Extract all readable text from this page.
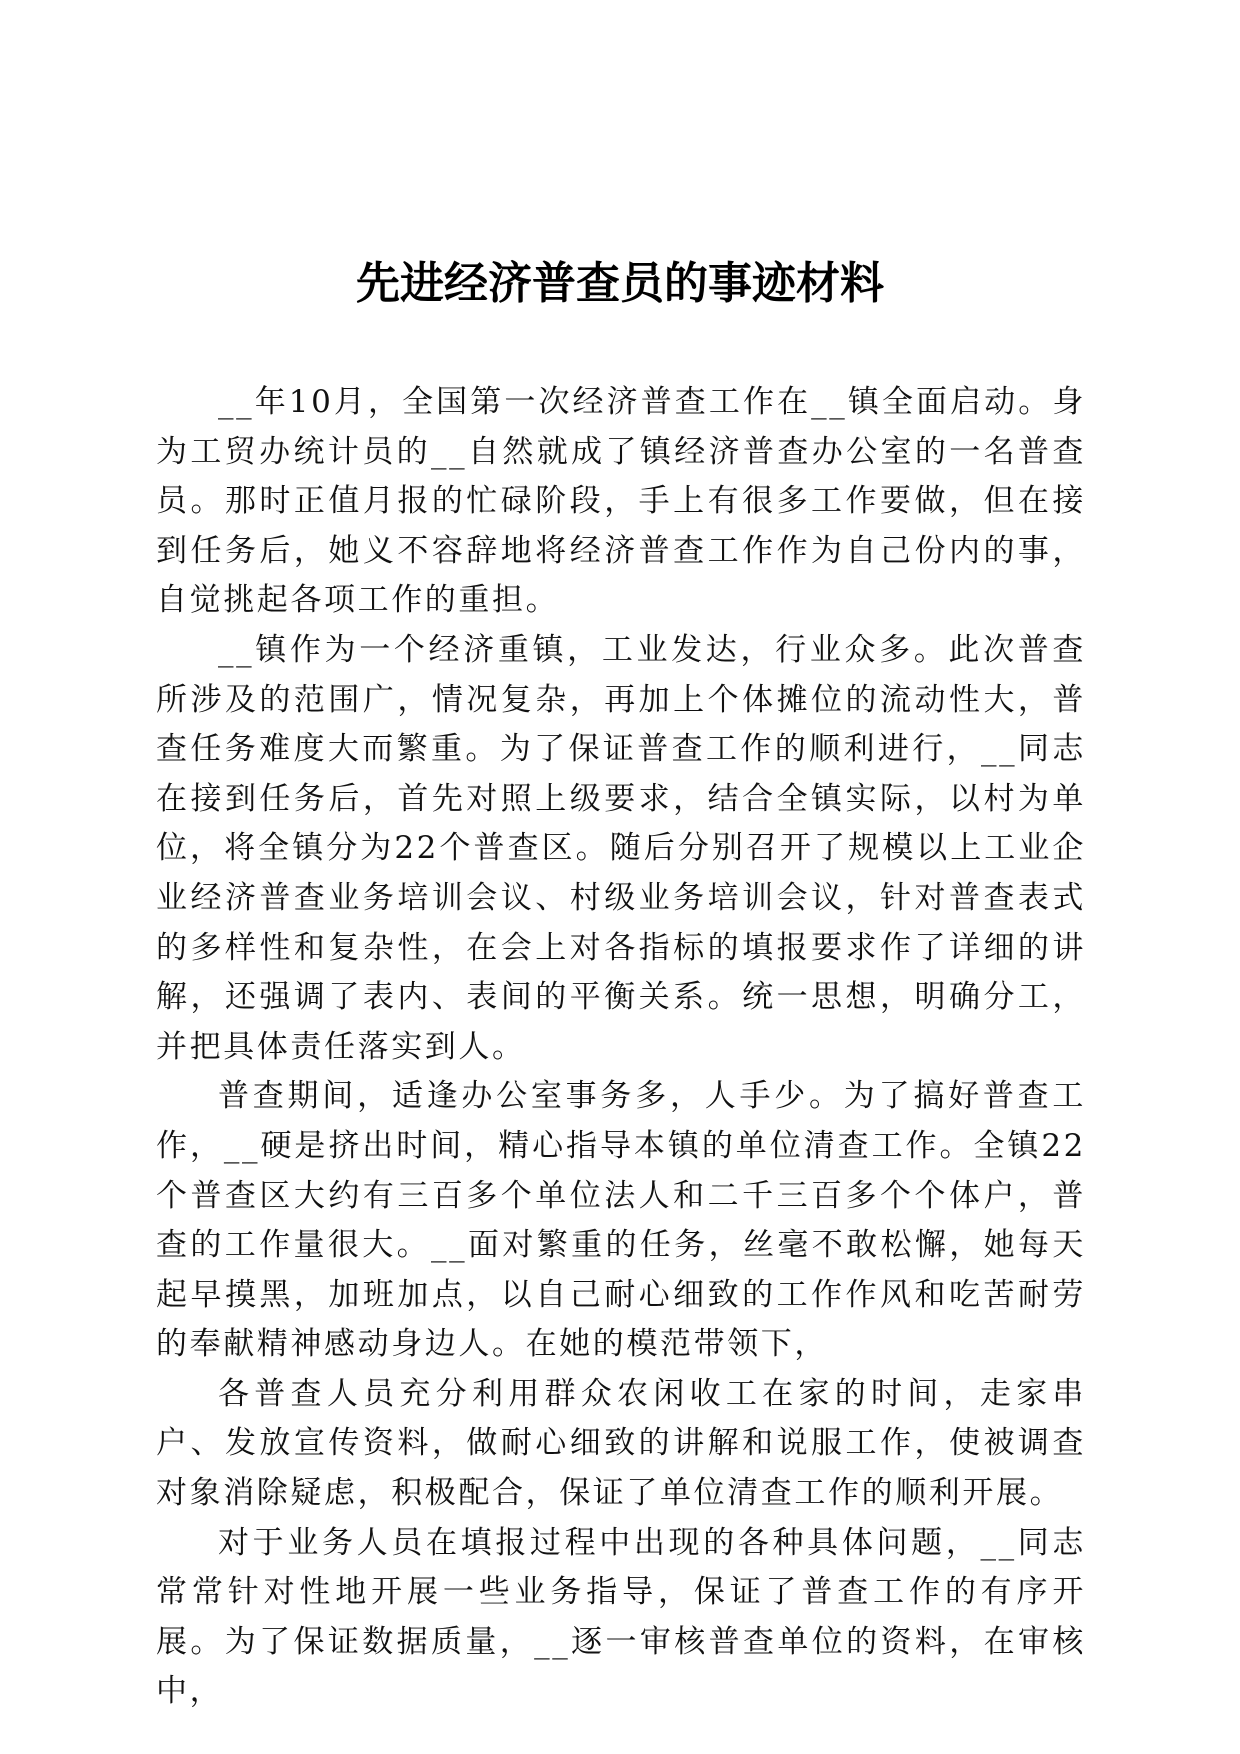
先进经济普查员的事迹材料

__年10月，全国第一次经济普查工作在__镇全面启动。身为工贸办统计员的__自然就成了镇经济普查办公室的一名普查员。那时正值月报的忙碌阶段，手上有很多工作要做，但在接到任务后，她义不容辞地将经济普查工作作为自己份内的事，自觉挑起各项工作的重担。

__镇作为一个经济重镇，工业发达，行业众多。此次普查所涉及的范围广，情况复杂，再加上个体摊位的流动性大，普查任务难度大而繁重。为了保证普查工作的顺利进行，__同志在接到任务后，首先对照上级要求，结合全镇实际，以村为单位，将全镇分为22个普查区。随后分别召开了规模以上工业企业经济普查业务培训会议、村级业务培训会议，针对普查表式的多样性和复杂性，在会上对各指标的填报要求作了详细的讲解，还强调了表内、表间的平衡关系。统一思想，明确分工，并把具体责任落实到人。

普查期间，适逢办公室事务多，人手少。为了搞好普查工作，__硬是挤出时间，精心指导本镇的单位清查工作。全镇22个普查区大约有三百多个单位法人和二千三百多个个体户，普查的工作量很大。__面对繁重的任务，丝毫不敢松懈，她每天起早摸黑，加班加点，以自己耐心细致的工作作风和吃苦耐劳的奉献精神感动身边人。在她的模范带领下，

各普查人员充分利用群众农闲收工在家的时间，走家串户、发放宣传资料，做耐心细致的讲解和说服工作，使被调查对象消除疑虑，积极配合，保证了单位清查工作的顺利开展。

对于业务人员在填报过程中出现的各种具体问题，__同志常常针对性地开展一些业务指导，保证了普查工作的有序开展。为了保证数据质量，__逐一审核普查单位的资料，在审核中，
